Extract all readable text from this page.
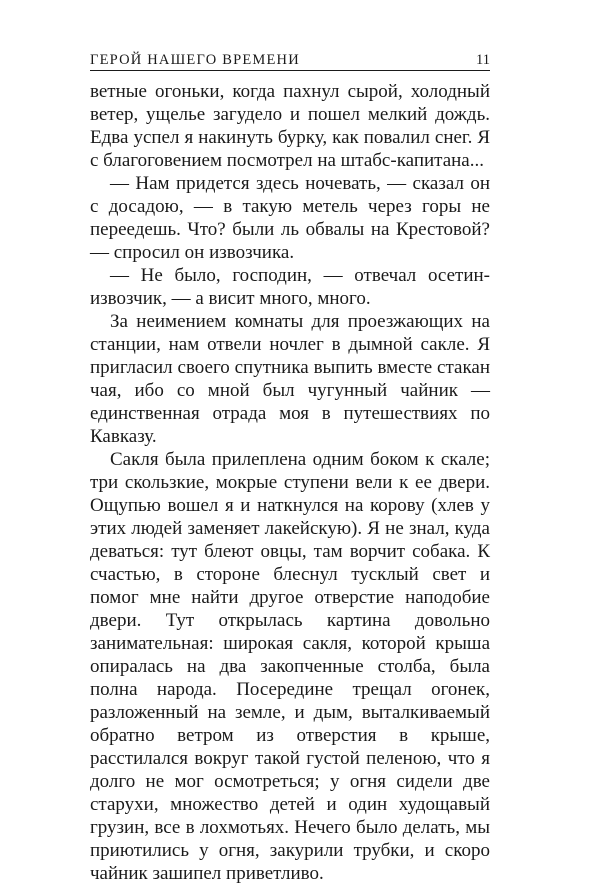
ГЕРОЙ НАШЕГО ВРЕМЕНИ	11

ветные огоньки, когда пахнул сырой, холодный ветер, ущелье загудело и пошел мелкий дождь. Едва успел я накинуть бурку, как повалил снег. Я с благоговением посмотрел на штабс-капитана...

— Нам придется здесь ночевать, — сказал он с досадою, — в такую метель через горы не переедешь. Что? были ль обвалы на Крестовой? — спросил он извозчика.

— Не было, господин, — отвечал осетин-извозчик, — а висит много, много.

За неимением комнаты для проезжающих на станции, нам отвели ночлег в дымной сакле. Я пригласил своего спутника выпить вместе стакан чая, ибо со мной был чугунный чайник — единственная отрада моя в путешествиях по Кавказу.

Сакля была прилеплена одним боком к скале; три скользкие, мокрые ступени вели к ее двери. Ощупью вошел я и наткнулся на корову (хлев у этих людей заменяет лакейскую). Я не знал, куда деваться: тут блеют овцы, там ворчит собака. К счастью, в стороне блеснул тусклый свет и помог мне найти другое отверстие наподобие двери. Тут открылась картина довольно занимательная: широкая сакля, которой крыша опиралась на два закопченные столба, была полна народа. Посередине трещал огонек, разложенный на земле, и дым, выталкиваемый обратно ветром из отверстия в крыше, расстилался вокруг такой густой пеленою, что я долго не мог осмотреться; у огня сидели две старухи, множество детей и один худощавый грузин, все в лохмотьях. Нечего было делать, мы приютились у огня, закурили трубки, и скоро чайник зашипел приветливо.
